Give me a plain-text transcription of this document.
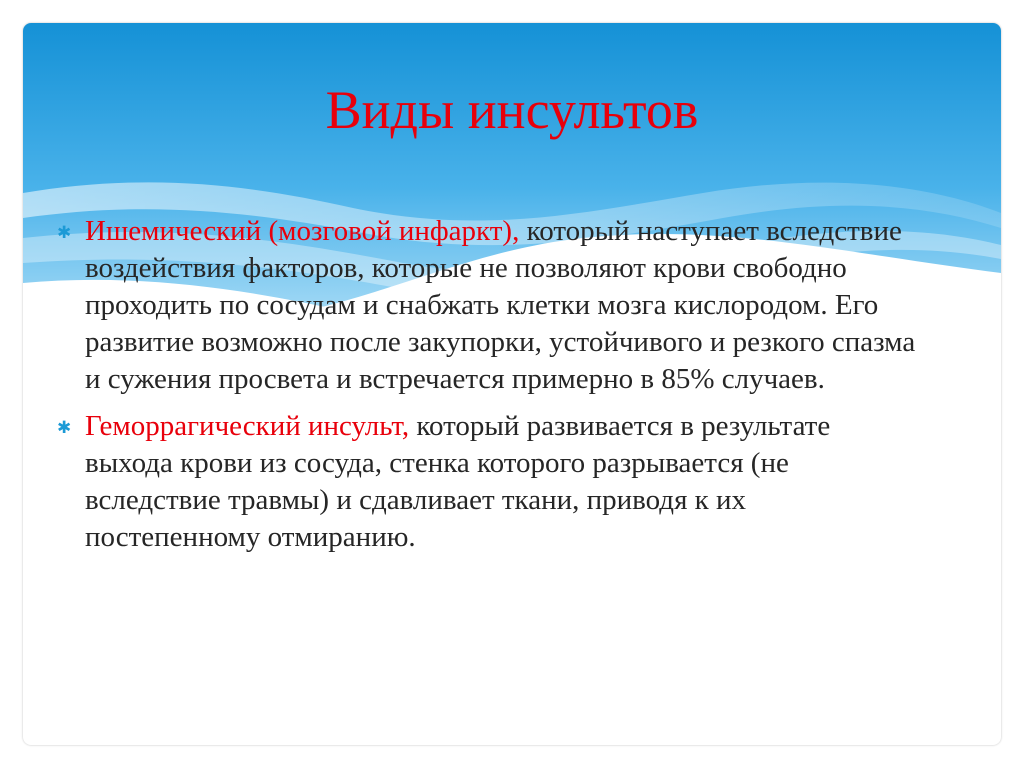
Виды инсультов

✱ Ишемический (мозговой инфаркт), который наступает вследствие воздействия факторов, которые не позволяют крови свободно проходить по сосудам и снабжать клетки мозга кислородом. Его развитие возможно после закупорки, устойчивого и резкого спазма и сужения просвета и встречается примерно в 85% случаев.

✱ Геморрагический инсульт, который развивается в результате выхода крови из сосуда, стенка которого разрывается (не вследствие травмы) и сдавливает ткани, приводя к их постепенному отмиранию.
